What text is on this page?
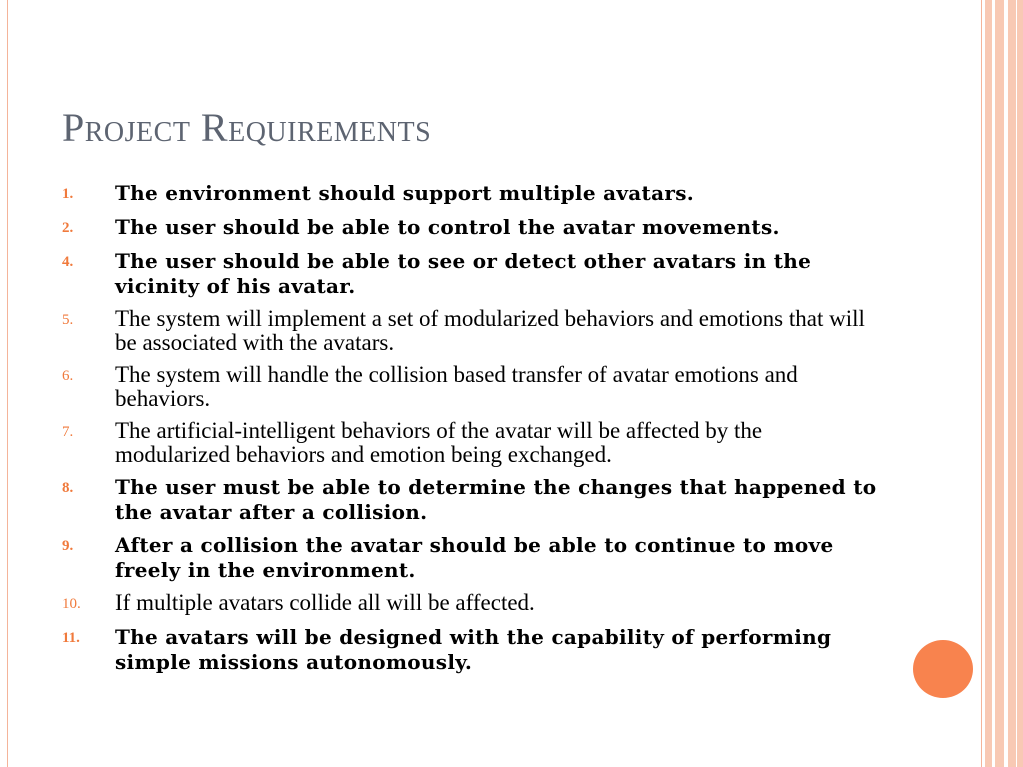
Project Requirements
1.	The environment should support multiple avatars.
2.	The user should be able to control the avatar movements.
4.	The user should be able to see or detect other avatars in the vicinity of his avatar.
5.	The system will implement a set of modularized behaviors and emotions that will be associated with the avatars.
6.	The system will handle the collision based transfer of avatar emotions and behaviors.
7.	The artificial-intelligent behaviors of the avatar will be affected by the modularized behaviors and emotion being exchanged.
8.	The user must be able to determine the changes that happened to the avatar after a collision.
9.	After a collision the avatar should be able to continue to move freely in the environment.
10.	If multiple avatars collide all will be affected.
11.	The avatars will be designed with the capability of performing simple missions autonomously.
